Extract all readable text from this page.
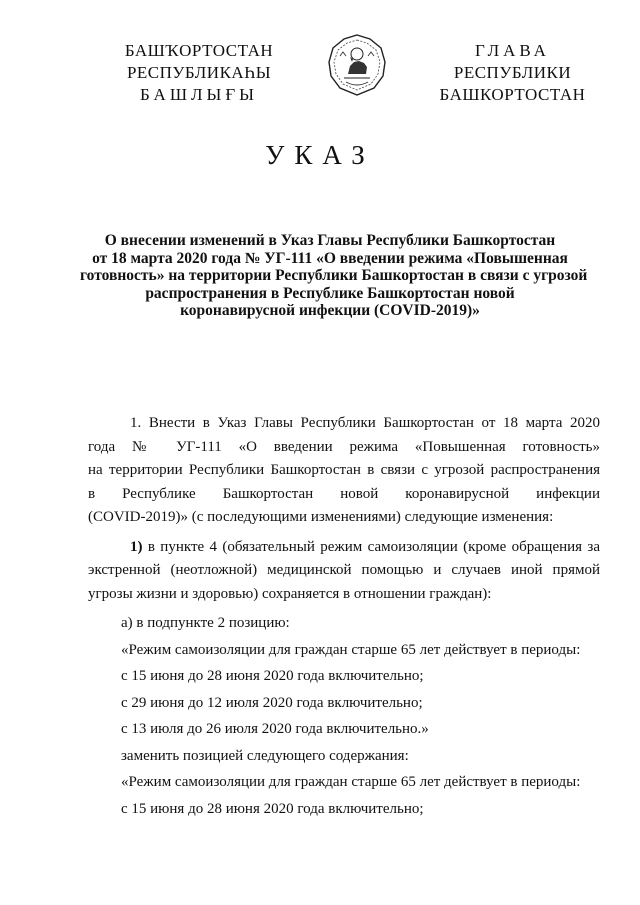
БАШҠОРТОСТАН
РЕСПУБЛИКАҺЫ
БАШЛЫҒЫ
ГЛАВА
РЕСПУБЛИКИ
БАШКОРТОСТАН
УКАЗ
О внесении изменений в Указ Главы Республики Башкортостан
от 18 марта 2020 года № УГ-111 «О введении режима «Повышенная
готовность» на территории Республики Башкортостан в связи с угрозой
распространения в Республике Башкортостан новой
коронавирусной инфекции (COVID-2019)»
1. Внести в Указ Главы Республики Башкортостан от 18 марта 2020
года № УГ-111 «О введении режима «Повышенная готовность»
на территории Республики Башкортостан в связи с угрозой распространения
в Республике Башкортостан новой коронавирусной инфекции
(COVID-2019)» (с последующими изменениями) следующие изменения:
1) в пункте 4 (обязательный режим самоизоляции (кроме обращения за
экстренной (неотложной) медицинской помощью и случаев иной прямой
угрозы жизни и здоровью) сохраняется в отношении граждан):
а) в подпункте 2 позицию:
«Режим самоизоляции для граждан старше 65 лет действует в периоды:
с 15 июня до 28 июня 2020 года включительно;
с 29 июня до 12 июля 2020 года включительно;
с 13 июля до 26 июля 2020 года включительно.»
заменить позицией следующего содержания:
«Режим самоизоляции для граждан старше 65 лет действует в периоды:
с 15 июня до 28 июня 2020 года включительно;
